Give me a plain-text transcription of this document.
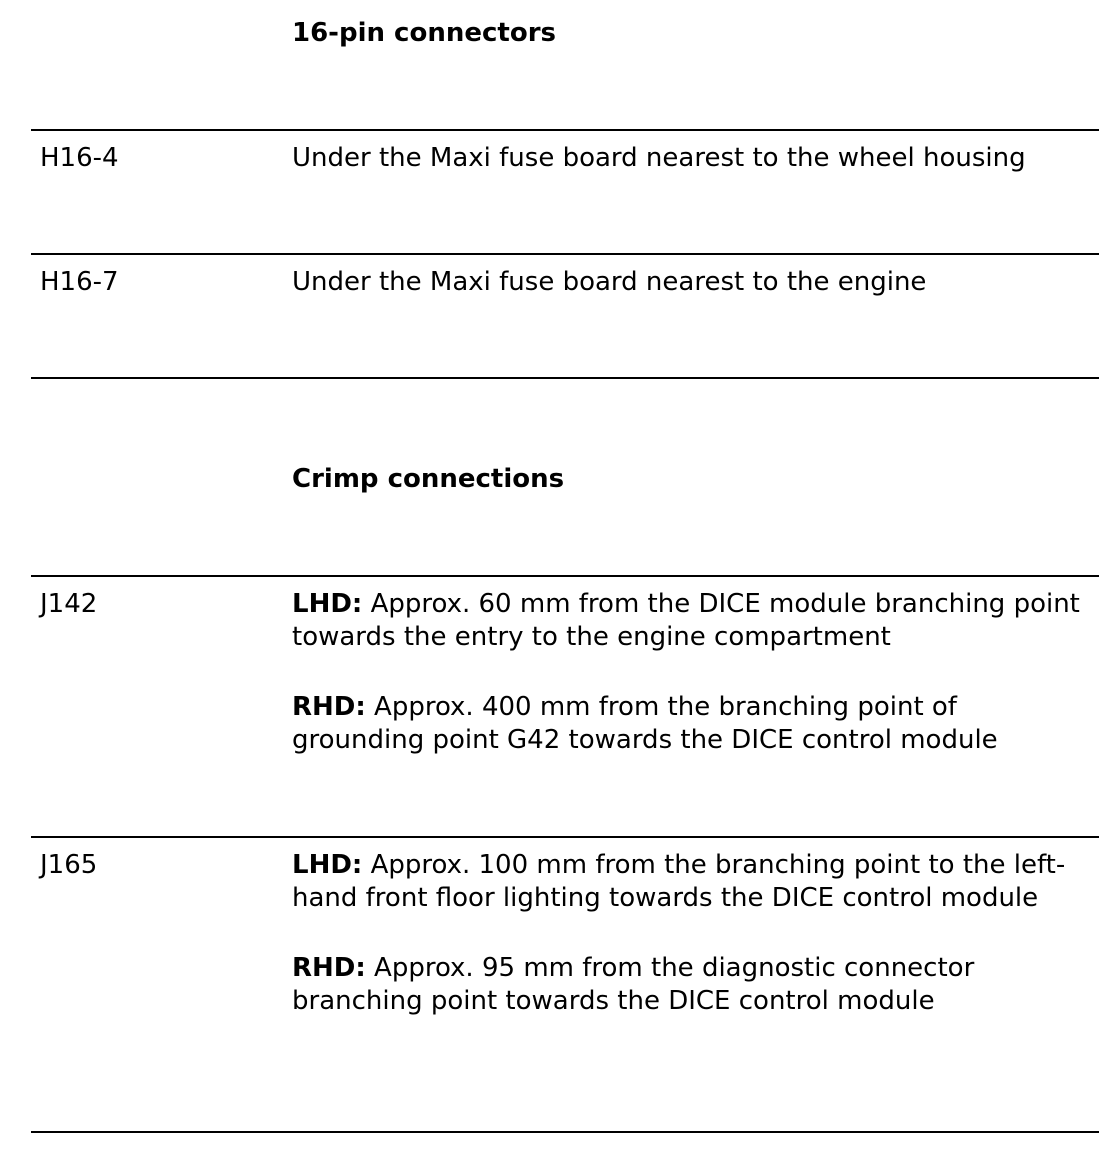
16-pin connectors
H16-4	Under the Maxi fuse board nearest to the wheel housing

H16-7	Under the Maxi fuse board nearest to the engine

Crimp connections
J142	LHD: Approx. 60 mm from the DICE module branching point towards the entry to the engine compartment

RHD: Approx. 400 mm from the branching point of grounding point G42 towards the DICE control module

J165	LHD: Approx. 100 mm from the branching point to the left-hand front floor lighting towards the DICE control module

RHD: Approx. 95 mm from the diagnostic connector branching point towards the DICE control module
